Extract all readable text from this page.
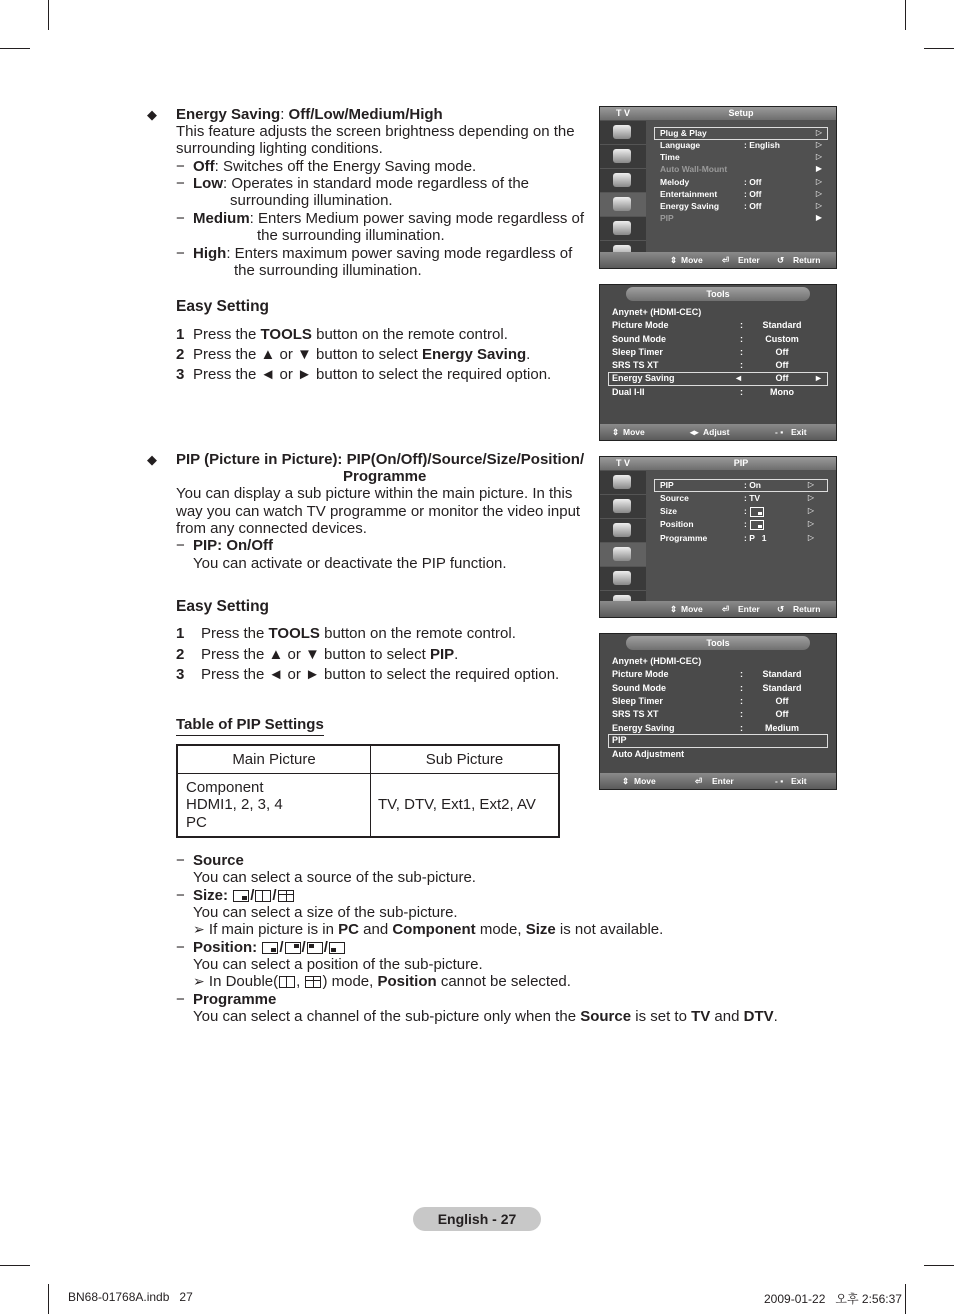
◆ Energy Saving: Off/Low/Medium/High
This feature adjusts the screen brightness depending on the
surrounding lighting conditions.
− Off: Switches off the Energy Saving mode.
− Low: Operates in standard mode regardless of the
surrounding illumination.
− Medium: Enters Medium power saving mode regardless of
the surrounding illumination.
− High: Enters maximum power saving mode regardless of
the surrounding illumination.
Easy Setting
1 Press the TOOLS button on the remote control.
2 Press the ▲ or ▼ button to select Energy Saving.
3 Press the ◄ or ► button to select the required option.
◆ PIP (Picture in Picture): PIP(On/Off)/Source/Size/Position/
Programme
You can display a sub picture within the main picture. In this
way you can watch TV programme or monitor the video input
from any connected devices.
− PIP: On/Off
You can activate or deactivate the PIP function.
Easy Setting
1 Press the TOOLS button on the remote control.
2 Press the ▲ or ▼ button to select PIP.
3 Press the ◄ or ► button to select the required option.
Table of PIP Settings
Main Picture	Sub Picture

Component
HDMI1, 2, 3, 4
PC	TV, DTV, Ext1, Ext2, AV
− Source
You can select a source of the sub-picture.
− Size: / /
You can select a size of the sub-picture.
➢ If main picture is in PC and Component mode, Size is not available.
− Position: / / /
You can select a position of the sub-picture.
➢ In Double( ,
) mode, Position cannot be selected.
− Programme
You can select a channel of the sub-picture only when the Source is set to TV and DTV.
T V	Setup
Plug & Play	▷
Language	: English	▷
Time	▷
Auto Wall-Mount	▶
Melody	: Off	▷
Entertainment	: Off	▷
Energy Saving	: Off	▷
PIP	▶
⇕ Move ⏎ Enter ↺ Return
Tools
Anynet+ (HDMI-CEC)
Picture Mode	:	Standard
Sound Mode	:	Custom
Sleep Timer	:	Off
SRS TS XT	:	Off
Energy Saving	◄	Off	►
Dual I-II	:	Mono
⇕ Move	◂▸ Adjust	- ▪ Exit
T V	PIP
PIP	: On	▷
Source	: TV	▷
Size	:	▷
Position	:	▷
Programme	: P   1	▷
⇕ Move ⏎ Enter ↺ Return
Tools
Anynet+ (HDMI-CEC)
Picture Mode	:	Standard
Sound Mode	:	Standard
Sleep Timer	:	Off
SRS TS XT	:	Off
Energy Saving	:	Medium
PIP
Auto Adjustment
⇕ Move	⏎ Enter	- ▪ Exit
English - 27
BN68-01768A.indb   27	2009-01-22   오후 2:56:37
